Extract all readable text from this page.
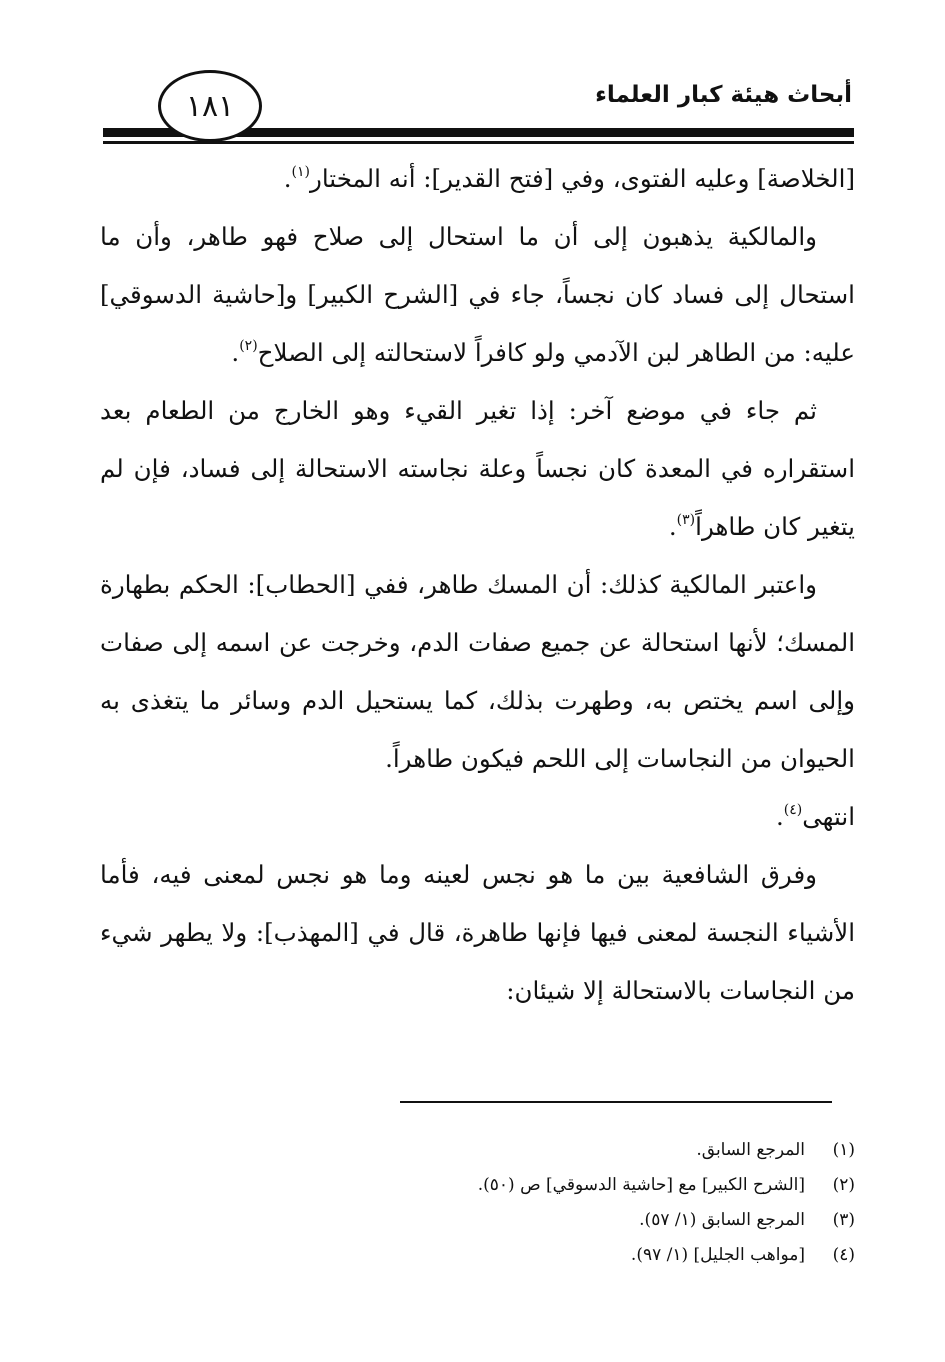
أبحاث هيئة كبار العلماء
١٨١

[الخلاصة] وعليه الفتوى، وفي [فتح القدير]: أنه المختار$^{(١)}$.

والمالكية يذهبون إلى أن ما استحال إلى صلاح فهو طاهر، وأن ما استحال إلى فساد كان نجساً، جاء في [الشرح الكبير] و[حاشية الدسوقي] عليه: من الطاهر لبن الآدمي ولو كافراً لاستحالته إلى الصلاح$^{(٢)}$.

ثم جاء في موضع آخر: إذا تغير القيء وهو الخارج من الطعام بعد استقراره في المعدة كان نجساً وعلة نجاسته الاستحالة إلى فساد، فإن لم يتغير كان طاهراً$^{(٣)}$.

واعتبر المالكية كذلك: أن المسك طاهر، ففي [الحطاب]: الحكم بطهارة المسك؛ لأنها استحالة عن جميع صفات الدم، وخرجت عن اسمه إلى صفات وإلى اسم يختص به، وطهرت بذلك، كما يستحيل الدم وسائر ما يتغذى به الحيوان من النجاسات إلى اللحم فيكون طاهراً.

انتهى$^{(٤)}$.

وفرق الشافعية بين ما هو نجس لعينه وما هو نجس لمعنى فيه، فأما الأشياء النجسة لمعنى فيها فإنها طاهرة، قال في [المهذب]: ولا يطهر شيء من النجاسات بالاستحالة إلا شيئان:

(١)
المرجع السابق.
(٢)
[الشرح الكبير] مع [حاشية الدسوقي] ص (٥٠).
(٣)
المرجع السابق (١/ ٥٧).
(٤)
[مواهب الجليل] (١/ ٩٧).
